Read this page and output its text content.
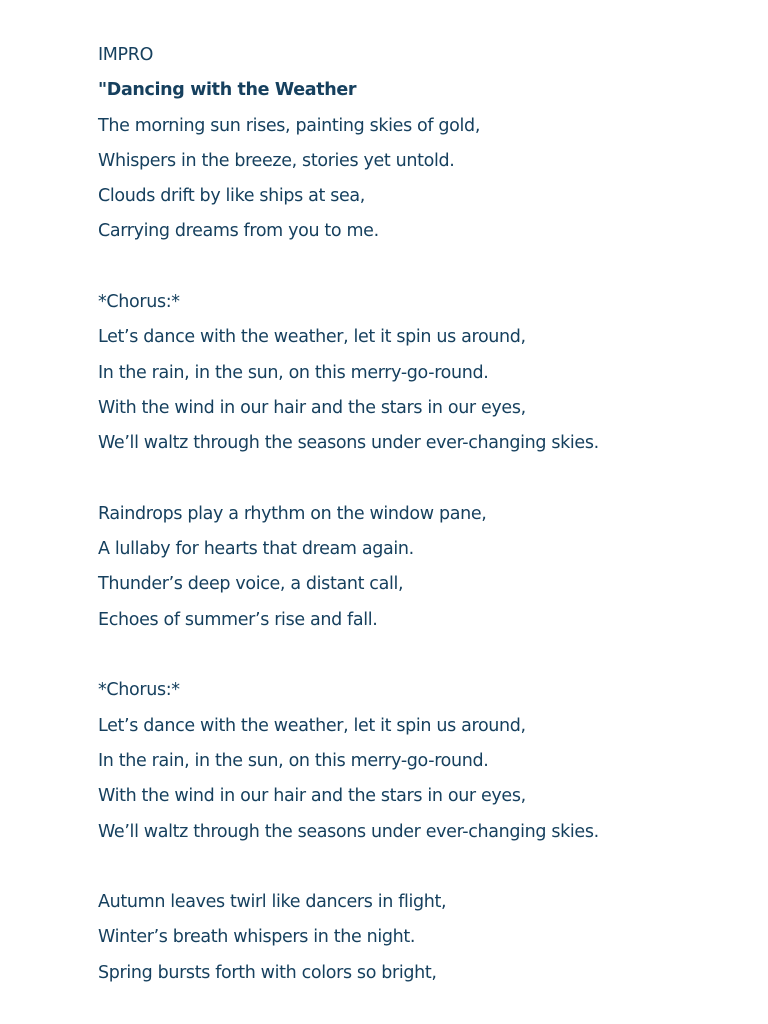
IMPRO
"Dancing with the Weather
The morning sun rises, painting skies of gold,
Whispers in the breeze, stories yet untold.
Clouds drift by like ships at sea,
Carrying dreams from you to me.
*Chorus:*
Let’s dance with the weather, let it spin us around,
In the rain, in the sun, on this merry-go-round.
With the wind in our hair and the stars in our eyes,
We’ll waltz through the seasons under ever-changing skies.
Raindrops play a rhythm on the window pane,
A lullaby for hearts that dream again.
Thunder’s deep voice, a distant call,
Echoes of summer’s rise and fall.
*Chorus:*
Let’s dance with the weather, let it spin us around,
In the rain, in the sun, on this merry-go-round.
With the wind in our hair and the stars in our eyes,
We’ll waltz through the seasons under ever-changing skies.
Autumn leaves twirl like dancers in flight,
Winter’s breath whispers in the night.
Spring bursts forth with colors so bright,
